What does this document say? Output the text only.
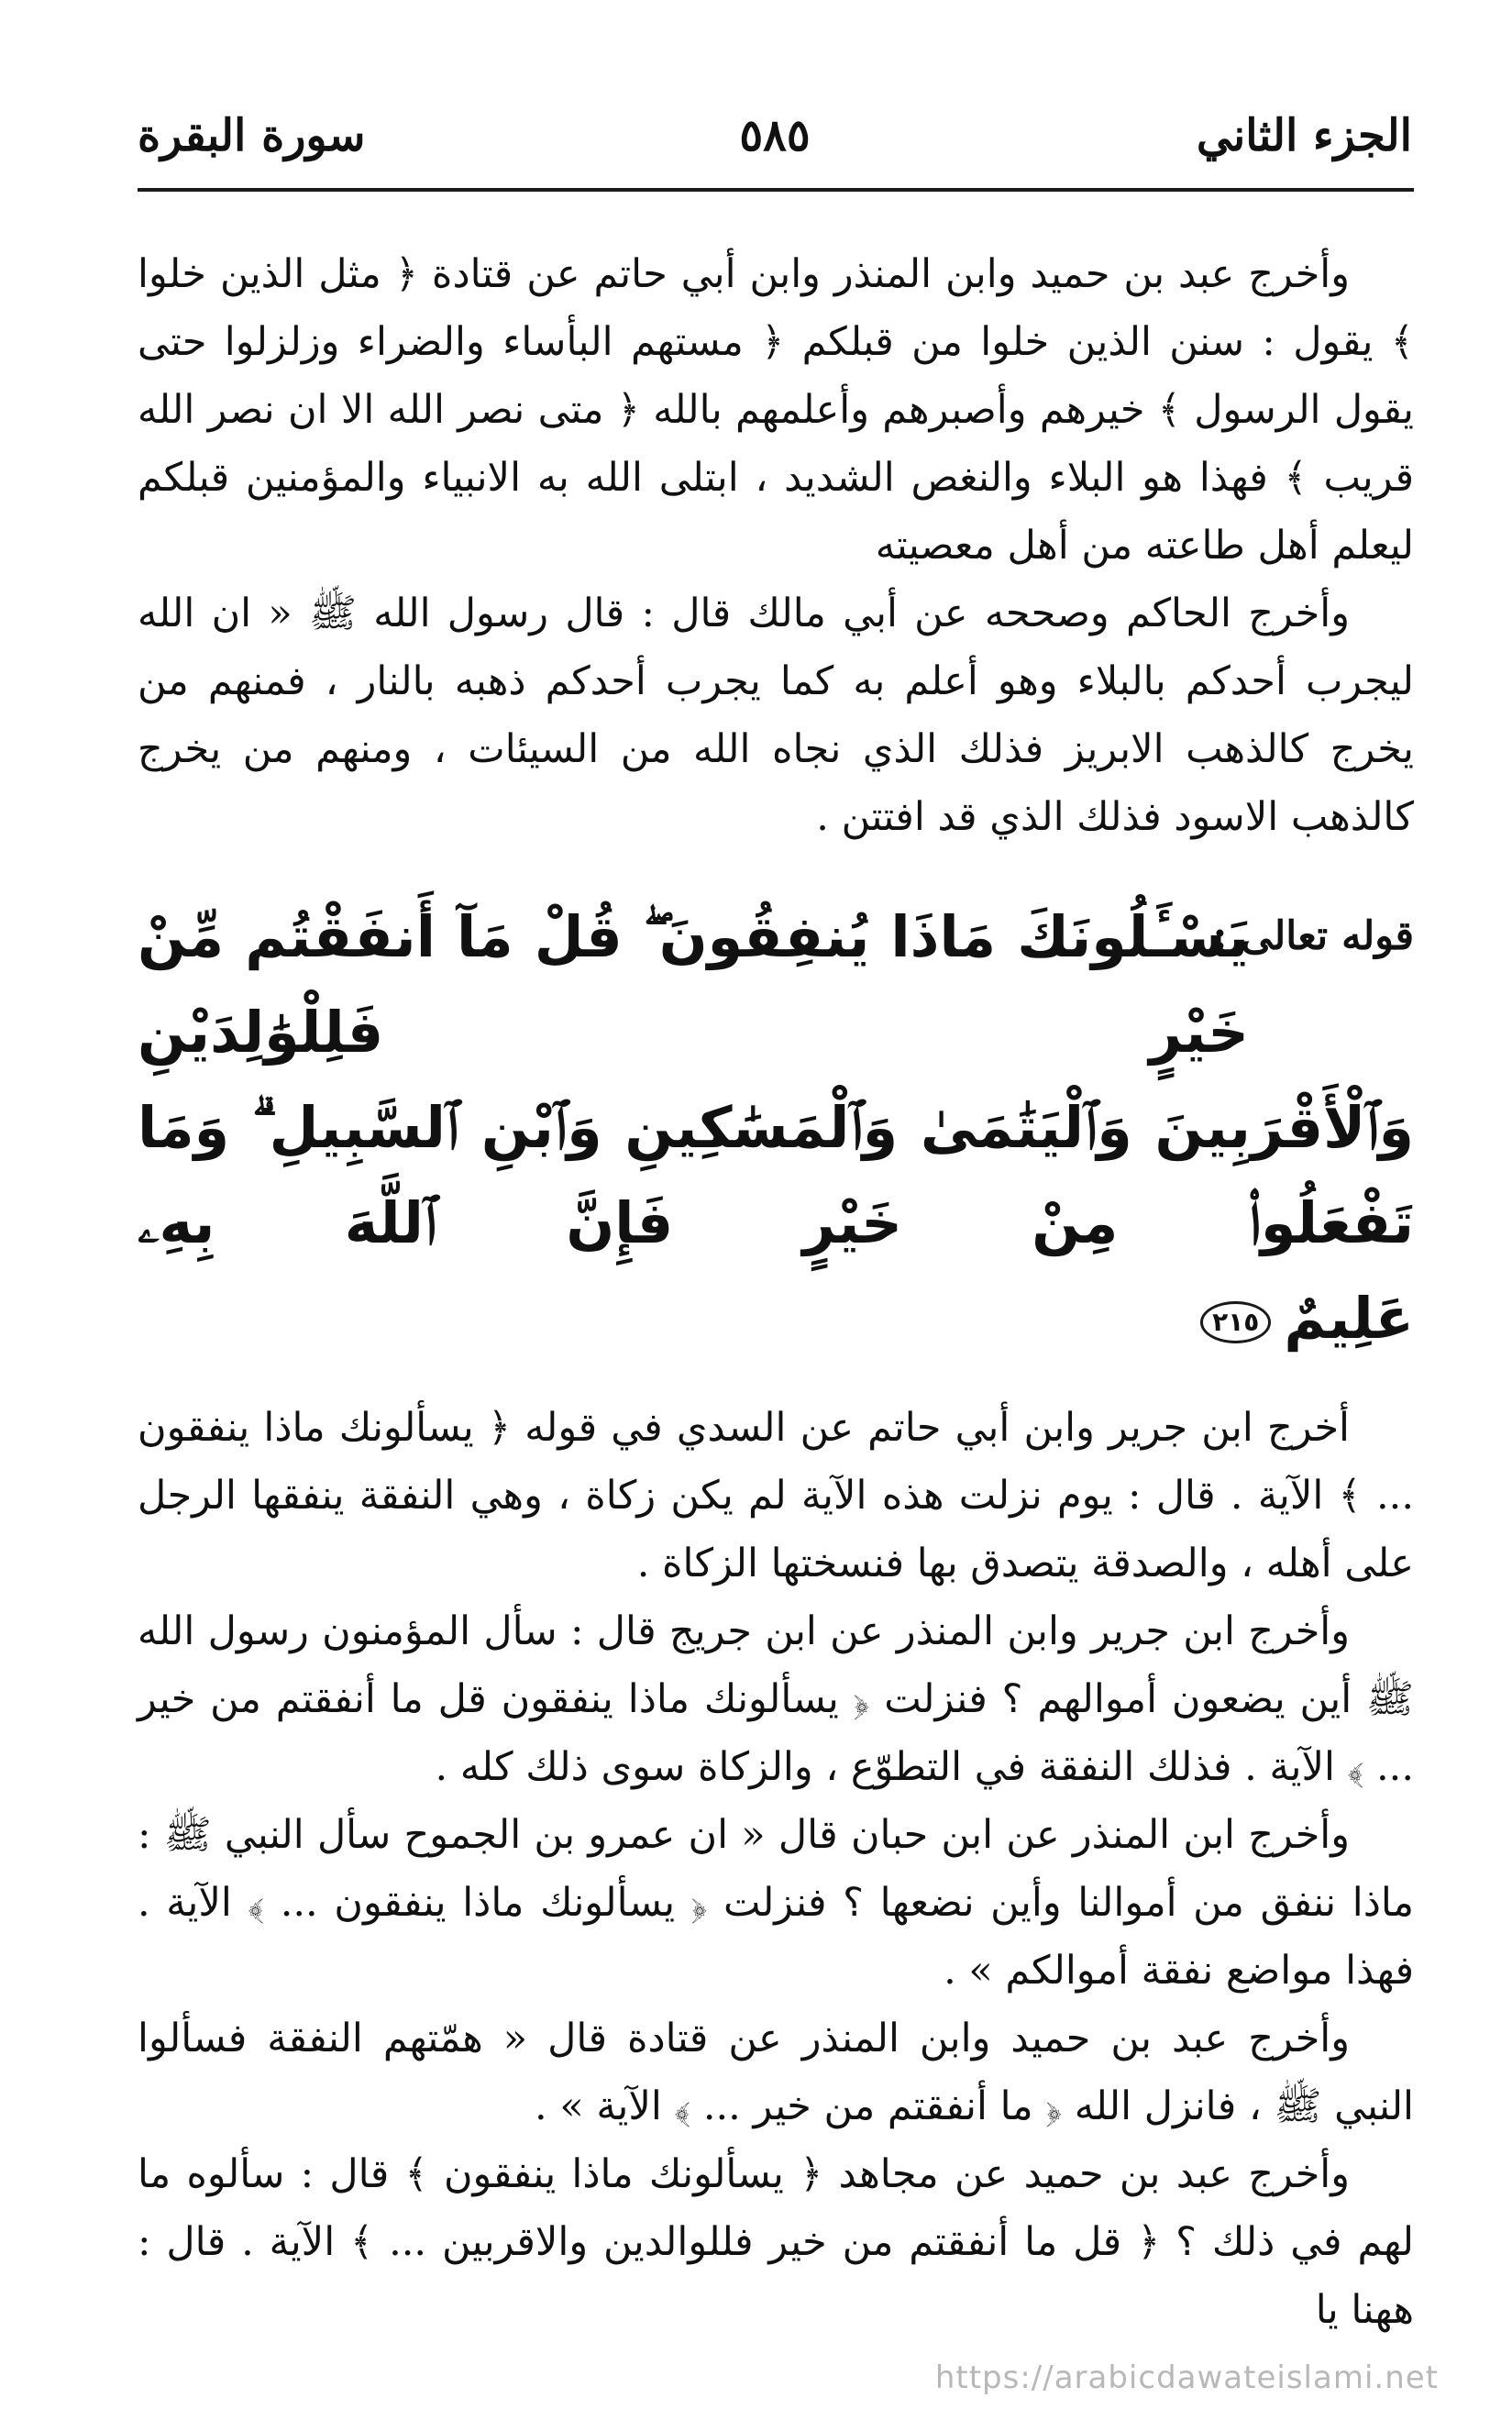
الجزء الثاني
٥٨٥
سورة البقرة

وأخرج عبد بن حميد وابن المنذر وابن أبي حاتم عن قتادة ﴿ مثل الذين خلوا ﴾ يقول : سنن الذين خلوا من قبلكم ﴿ مستهم البأساء والضراء وزلزلوا حتى يقول الرسول ﴾ خيرهم وأصبرهم وأعلمهم بالله ﴿ متى نصر الله الا ان نصر الله قريب ﴾ فهذا هو البلاء والنغص الشديد ، ابتلى الله به الانبياء والمؤمنين قبلكم ليعلم أهل طاعته من أهل معصيته

وأخرج الحاكم وصححه عن أبي مالك قال : قال رسول الله ﷺ « ان الله ليجرب أحدكم بالبلاء وهو أعلم به كما يجرب أحدكم ذهبه بالنار ، فمنهم من يخرج كالذهب الابريز فذلك الذي نجاه الله من السيئات ، ومنهم من يخرج كالذهب الاسود فذلك الذي قد افتتن .

قوله تعالى :
يَسْـَٔلُونَكَ مَاذَا يُنفِقُونَ ۖ قُلْ مَآ أَنفَقْتُم مِّنْ خَيْرٍ فَلِلْوَٰلِدَيْنِ
وَٱلْأَقْرَبِينَ وَٱلْيَتَٰمَىٰ وَٱلْمَسَٰكِينِ وَٱبْنِ ٱلسَّبِيلِ ۗ وَمَا تَفْعَلُوا۟ مِنْ خَيْرٍ فَإِنَّ ٱللَّهَ بِهِۦ
عَلِيمٌ٢١٥

أخرج ابن جرير وابن أبي حاتم عن السدي في قوله ﴿ يسألونك ماذا ينفقون ... ﴾ الآية . قال : يوم نزلت هذه الآية لم يكن زكاة ، وهي النفقة ينفقها الرجل على أهله ، والصدقة يتصدق بها فنسختها الزكاة .

وأخرج ابن جرير وابن المنذر عن ابن جريج قال : سأل المؤمنون رسول الله ﷺ أين يضعون أموالهم ؟ فنزلت ﴿ يسألونك ماذا ينفقون قل ما أنفقتم من خير ... ﴾ الآية . فذلك النفقة في التطوّع ، والزكاة سوى ذلك كله .

وأخرج ابن المنذر عن ابن حبان قال « ان عمرو بن الجموح سأل النبي ﷺ : ماذا ننفق من أموالنا وأين نضعها ؟ فنزلت ﴿ يسألونك ماذا ينفقون ... ﴾ الآية . فهذا مواضع نفقة أموالكم » .

وأخرج عبد بن حميد وابن المنذر عن قتادة قال « همّتهم النفقة فسألوا النبي ﷺ ، فانزل الله ﴿ ما أنفقتم من خير ... ﴾ الآية » .

وأخرج عبد بن حميد عن مجاهد ﴿ يسألونك ماذا ينفقون ﴾ قال : سألوه ما لهم في ذلك ؟ ﴿ قل ما أنفقتم من خير فللوالدين والاقربين ... ﴾ الآية . قال : ههنا يا

https://arabicdawateislami.net
